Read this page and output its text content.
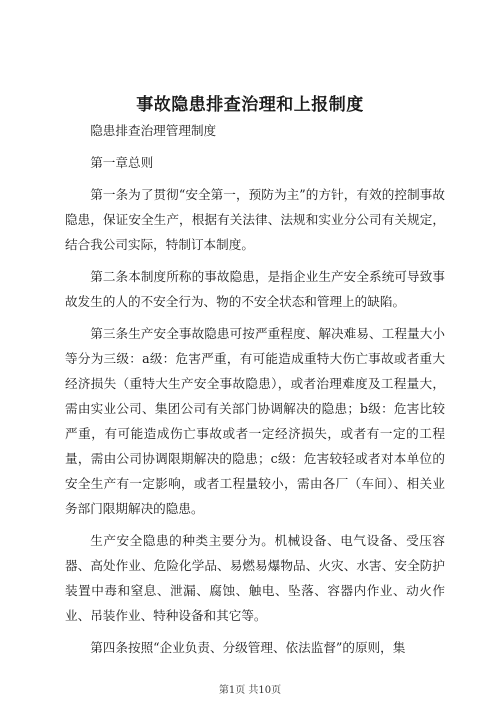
事故隐患排查治理和上报制度

隐患排查治理管理制度

第一章总则

第一条为了贯彻“安全第一，预防为主”的方针，有效的控制事故隐患，保证安全生产，根据有关法律、法规和实业分公司有关规定，结合我公司实际，特制订本制度。

第二条本制度所称的事故隐患，是指企业生产安全系统可导致事故发生的人的不安全行为、物的不安全状态和管理上的缺陷。

第三条生产安全事故隐患可按严重程度、解决难易、工程量大小等分为三级：a级：危害严重，有可能造成重特大伤亡事故或者重大经济损失（重特大生产安全事故隐患），或者治理难度及工程量大，需由实业公司、集团公司有关部门协调解决的隐患；b级：危害比较严重，有可能造成伤亡事故或者一定经济损失，或者有一定的工程量，需由公司协调限期解决的隐患；c级：危害较轻或者对本单位的安全生产有一定影响，或者工程量较小，需由各厂（车间）、相关业务部门限期解决的隐患。

生产安全隐患的种类主要分为。机械设备、电气设备、受压容器、高处作业、危险化学品、易燃易爆物品、火灾、水害、安全防护装置中毒和窒息、泄漏、腐蚀、触电、坠落、容器内作业、动火作业、吊装作业、特种设备和其它等。

第四条按照“企业负责、分级管理、依法监督”的原则，集

第1页 共10页
